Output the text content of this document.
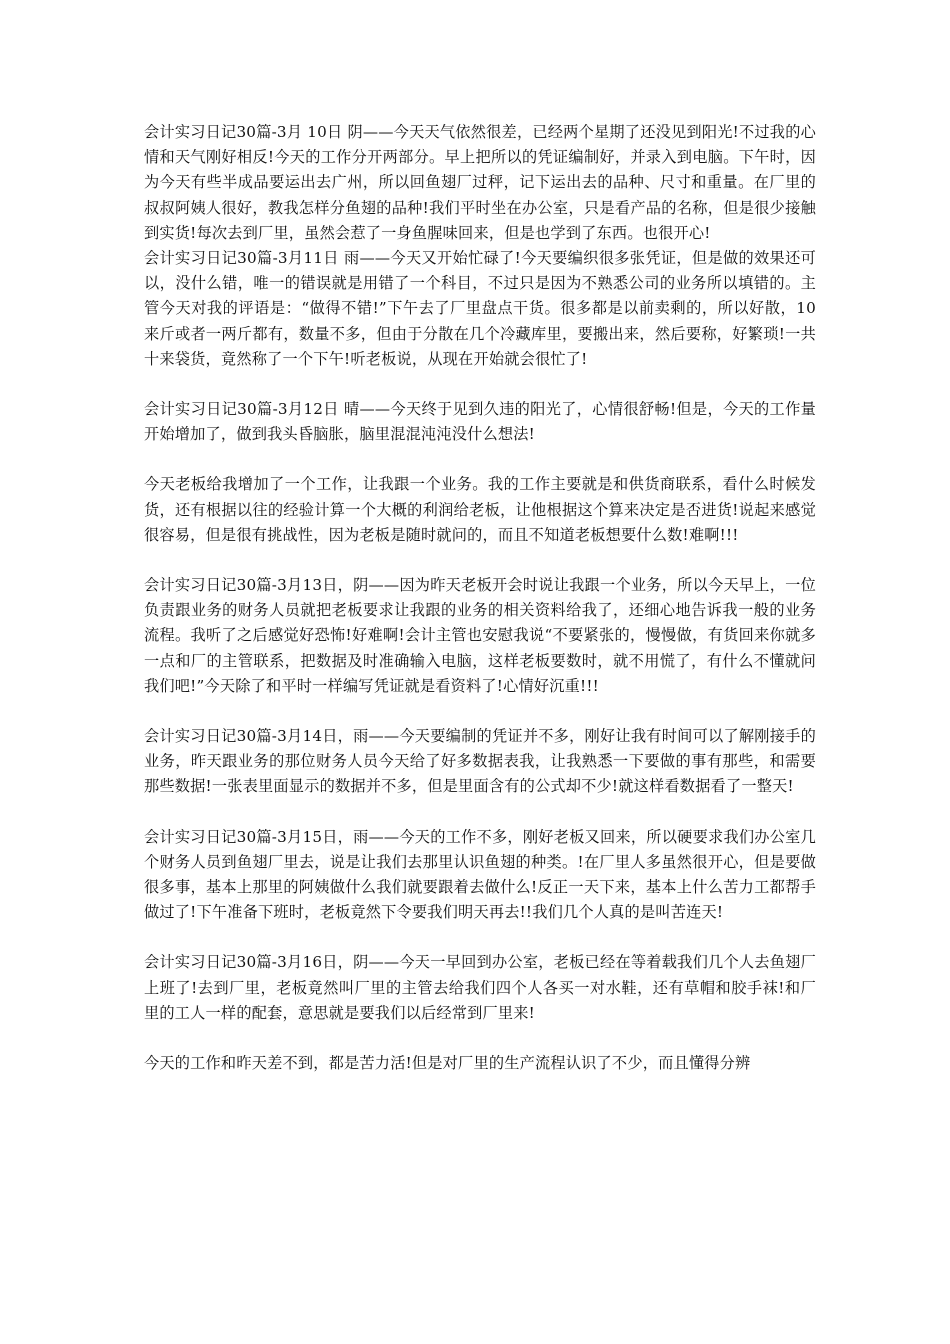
会计实习日记30篇-3月 10日 阴——今天天气依然很差，已经两个星期了还没见到阳光!不过我的心情和天气刚好相反!今天的工作分开两部分。早上把所以的凭证编制好，并录入到电脑。下午时，因为今天有些半成品要运出去广州，所以回鱼翅厂过秤，记下运出去的品种、尺寸和重量。在厂里的叔叔阿姨人很好，教我怎样分鱼翅的品种!我们平时坐在办公室，只是看产品的名称，但是很少接触到实货!每次去到厂里，虽然会惹了一身鱼腥味回来，但是也学到了东西。也很开心!

会计实习日记30篇-3月11日 雨——今天又开始忙碌了!今天要编织很多张凭证，但是做的效果还可以，没什么错，唯一的错误就是用错了一个科目，不过只是因为不熟悉公司的业务所以填错的。主管今天对我的评语是：“做得不错!”下午去了厂里盘点干货。很多都是以前卖剩的，所以好散，10来斤或者一两斤都有，数量不多，但由于分散在几个冷藏库里，要搬出来，然后要称，好繁琐!一共十来袋货，竟然称了一个下午!听老板说，从现在开始就会很忙了!

会计实习日记30篇-3月12日 晴——今天终于见到久违的阳光了，心情很舒畅!但是，今天的工作量开始增加了，做到我头昏脑胀，脑里混混沌沌没什么想法!

今天老板给我增加了一个工作，让我跟一个业务。我的工作主要就是和供货商联系，看什么时候发货，还有根据以往的经验计算一个大概的利润给老板，让他根据这个算来决定是否进货!说起来感觉很容易，但是很有挑战性，因为老板是随时就问的，而且不知道老板想要什么数!难啊!!!

会计实习日记30篇-3月13日，阴——因为昨天老板开会时说让我跟一个业务，所以今天早上，一位负责跟业务的财务人员就把老板要求让我跟的业务的相关资料给我了，还细心地告诉我一般的业务流程。我听了之后感觉好恐怖!好难啊!会计主管也安慰我说“不要紧张的，慢慢做，有货回来你就多一点和厂的主管联系，把数据及时准确输入电脑，这样老板要数时，就不用慌了，有什么不懂就问我们吧!”今天除了和平时一样编写凭证就是看资料了!心情好沉重!!!

会计实习日记30篇-3月14日，雨——今天要编制的凭证并不多，刚好让我有时间可以了解刚接手的业务，昨天跟业务的那位财务人员今天给了好多数据表我，让我熟悉一下要做的事有那些，和需要那些数据!一张表里面显示的数据并不多，但是里面含有的公式却不少!就这样看数据看了一整天!

会计实习日记30篇-3月15日，雨——今天的工作不多，刚好老板又回来，所以硬要求我们办公室几个财务人员到鱼翅厂里去，说是让我们去那里认识鱼翅的种类。!在厂里人多虽然很开心，但是要做很多事，基本上那里的阿姨做什么我们就要跟着去做什么!反正一天下来，基本上什么苦力工都帮手做过了!下午准备下班时，老板竟然下令要我们明天再去!!我们几个人真的是叫苦连天!

会计实习日记30篇-3月16日，阴——今天一早回到办公室，老板已经在等着载我们几个人去鱼翅厂上班了!去到厂里，老板竟然叫厂里的主管去给我们四个人各买一对水鞋，还有草帽和胶手袜!和厂里的工人一样的配套，意思就是要我们以后经常到厂里来!

今天的工作和昨天差不到，都是苦力活!但是对厂里的生产流程认识了不少，而且懂得分辨
